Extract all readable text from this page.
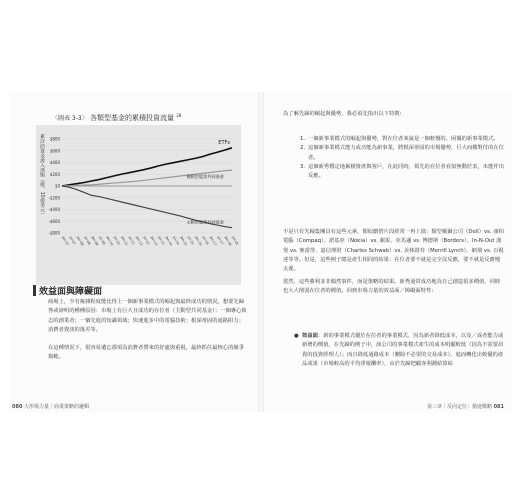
〈圖表 3-3〉 各類型基金的累積投資流量 $^{28}$
累計的資金流入淨額（億，10億美元） $800
$600
$400
$200
$0
-$200
-$400
-$600
-$800
Jan-07
Jul-07 Jan-08
Jul-08 Jan-09
Jul-09 Jan-10
Jul-10 Jan-11
Jul-11 Jan-12
Jul-12 Jan-13
Jul-13 Jan-14
Jul-14 Jan-15
Jul-15 Jan-16
Jul-16 Jan-17
Jul-17 Jan-18
Jul-18
ETFs
被動型股票共同基金
主動型股票共同基金
效益面與障礙面
商場上，少有複雜程度能比得上一個新事業模式的崛起與最終成功的情況。想要先歸咎或辯明的種種原因：市場上有巨大且成功的在位者（主動型共同基金）；一個專心致志的創業者；一個先進的知識領域；快速進步中的電腦技術；根深蒂固的通路阻力；消費者資訊的落差等。
在這種情況下，很容易遺忘那項為消費者帶來的好處與重視，最終抓住最核心的競爭規範。
為了解先歸的崛起與優勢，我必須先指出以下特徵：
1. 一個新事業模式的崛起與優勢，對在位者來說是一個較慢的、困擾的新事業模式。
2. 這個新事業模式能力或功能為新事業，將根深蒂固的市場優勢，巨大而難對付的在位者。
3. 這個新秀穩定地累積資產與客戶，在此同時，領先的在位者看似無動於衷，未能作出反應。
不是只有先歸集團具有這些元素，類似劇情片段經常一再上演：類型戴爾公司（Dell）vs. 康柏電腦（Compaq）、諾基亞（Nokia）vs. 蘋果、亞馬遜 vs. 博德斯（Borders）、In-N-Out 漢堡 vs. 麥當勞、嘉信理財（Charles Schwab）vs. 美林證券（Merrill Lynch）、網飛 vs. 百視達等等。但是，這些例子總是產生相同的結果：在位者要不就是完全沒反應，要不就是反應慢太遲。
當然，這些勝利並非偶然事件，而是策略的結果。新秀通常成功地為自己創造很多價值，同時也大大削弱在位者的價值。回到市場力量的效益面／障礙面特性：
● 效益面：新的事業模式優於在位者的事業模式，因為新者降低成本，以及／或者能力或新增的價值，在先歸的例子中，該公司的事業模式產生的成本明顯較低（因為不需要昂貴的投資經理人）；而且降低通路成本（刪除不必要的交易成本），進而轉化出較優的產品成果（市場較高的平均淨報酬率），由於先歸把顧客利潤結算給
080 大形場力量｜商業策略的邏輯	第三章｜反向定位：搶進戰略 081
